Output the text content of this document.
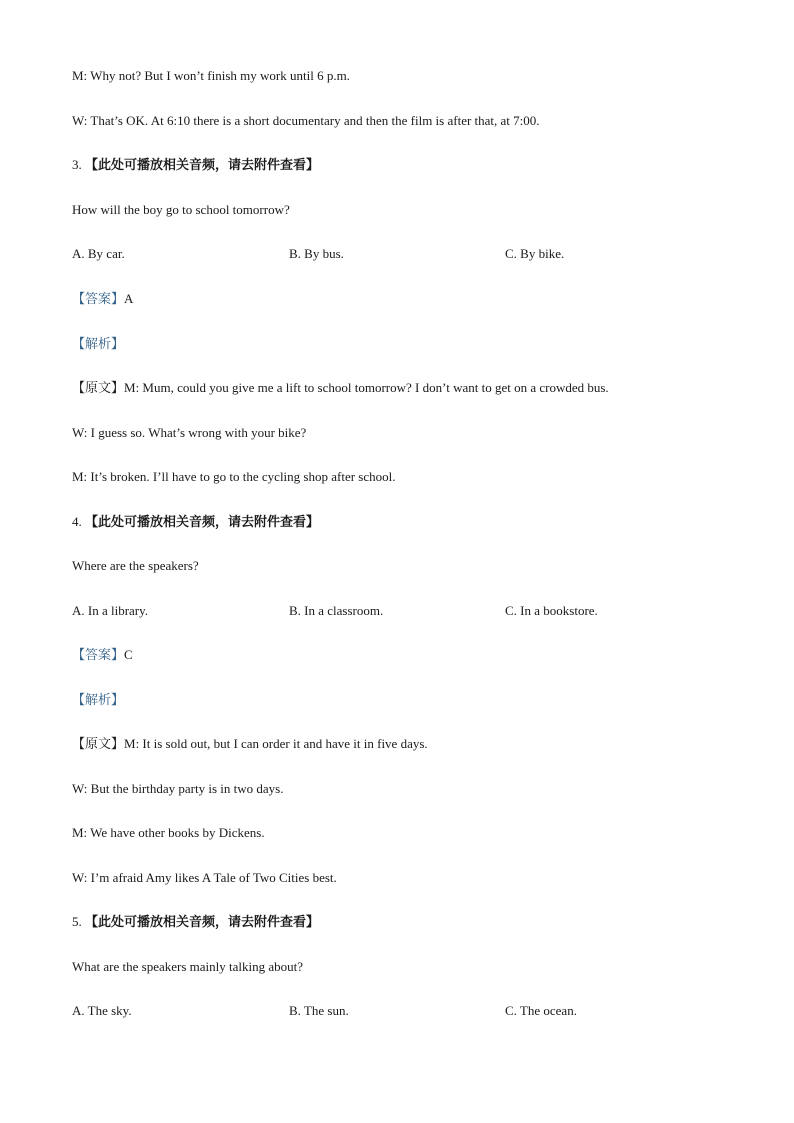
M: Why not? But I won’t finish my work until 6 p.m.
W: That’s OK. At 6:10 there is a short documentary and then the film is after that, at 7:00.
3. 【此处可播放相关音频，请去附件查看】
How will the boy go to school tomorrow?
A. By car.	B. By bus.	C. By bike.
【答案】A
【解析】
【原文】M: Mum, could you give me a lift to school tomorrow? I don’t want to get on a crowded bus.
W: I guess so. What’s wrong with your bike?
M: It’s broken. I’ll have to go to the cycling shop after school.
4. 【此处可播放相关音频，请去附件查看】
Where are the speakers?
A. In a library.	B. In a classroom.	C. In a bookstore.
【答案】C
【解析】
【原文】M: It is sold out, but I can order it and have it in five days.
W: But the birthday party is in two days.
M: We have other books by Dickens.
W: I’m afraid Amy likes A Tale of Two Cities best.
5. 【此处可播放相关音频，请去附件查看】
What are the speakers mainly talking about?
A. The sky.	B. The sun.	C. The ocean.
